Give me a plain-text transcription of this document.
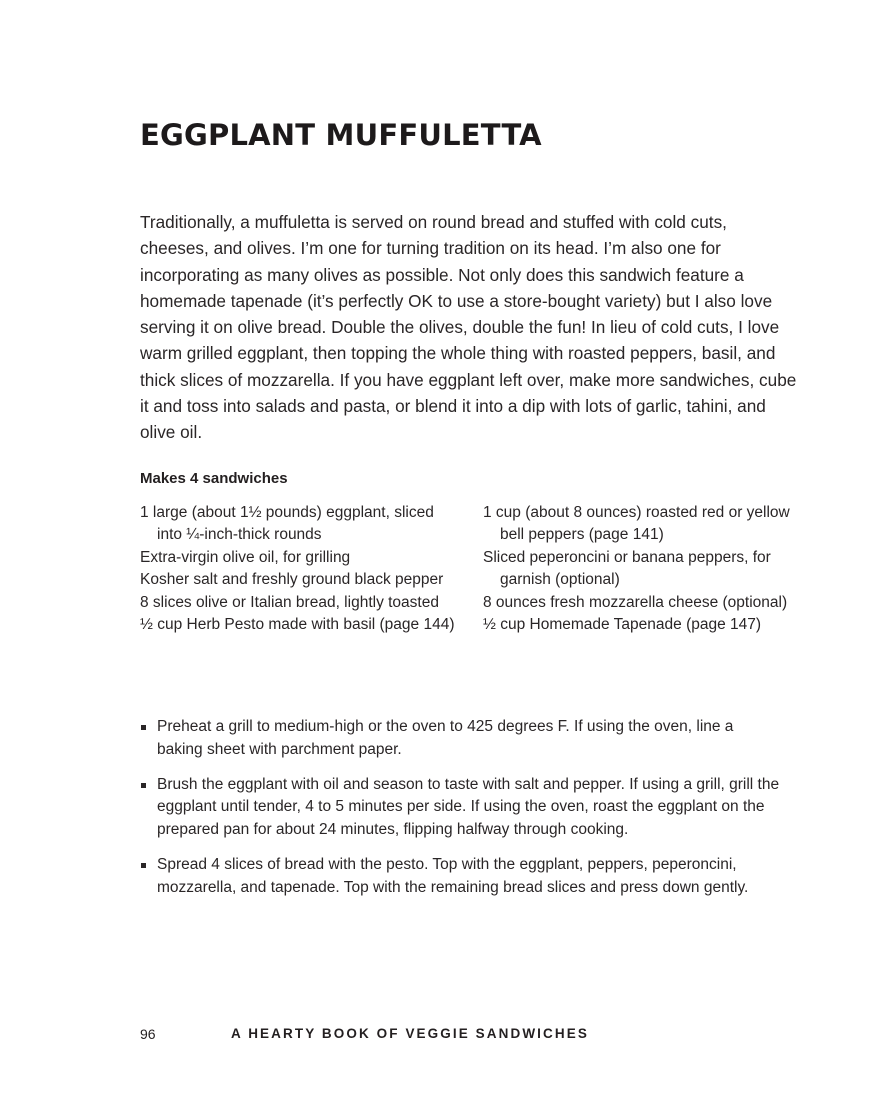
EGGPLANT MUFFULETTA

Traditionally, a muffuletta is served on round bread and stuffed with cold cuts, cheeses, and olives. I’m one for turning tradition on its head. I’m also one for incorporating as many olives as possible. Not only does this sandwich feature a homemade tapenade (it’s perfectly OK to use a store-bought variety) but I also love serving it on olive bread. Double the olives, double the fun! In lieu of cold cuts, I love warm grilled eggplant, then topping the whole thing with roasted peppers, basil, and thick slices of mozzarella. If you have eggplant left over, make more sandwiches, cube it and toss into salads and pasta, or blend it into a dip with lots of garlic, tahini, and olive oil.

Makes 4 sandwiches

1 large (about 1½ pounds) eggplant, sliced into ¼-inch-thick rounds
Extra-virgin olive oil, for grilling
Kosher salt and freshly ground black pepper
8 slices olive or Italian bread, lightly toasted
½ cup Herb Pesto made with basil (page 144)
1 cup (about 8 ounces) roasted red or yellow bell peppers (page 141)
Sliced peperoncini or banana peppers, for garnish (optional)
8 ounces fresh mozzarella cheese (optional)
½ cup Homemade Tapenade (page 147)
Preheat a grill to medium-high or the oven to 425 degrees F. If using the oven, line a baking sheet with parchment paper.
Brush the eggplant with oil and season to taste with salt and pepper. If using a grill, grill the eggplant until tender, 4 to 5 minutes per side. If using the oven, roast the eggplant on the prepared pan for about 24 minutes, flipping halfway through cooking.
Spread 4 slices of bread with the pesto. Top with the eggplant, peppers, peperoncini, mozzarella, and tapenade. Top with the remaining bread slices and press down gently.
96	A HEARTY BOOK OF VEGGIE SANDWICHES
